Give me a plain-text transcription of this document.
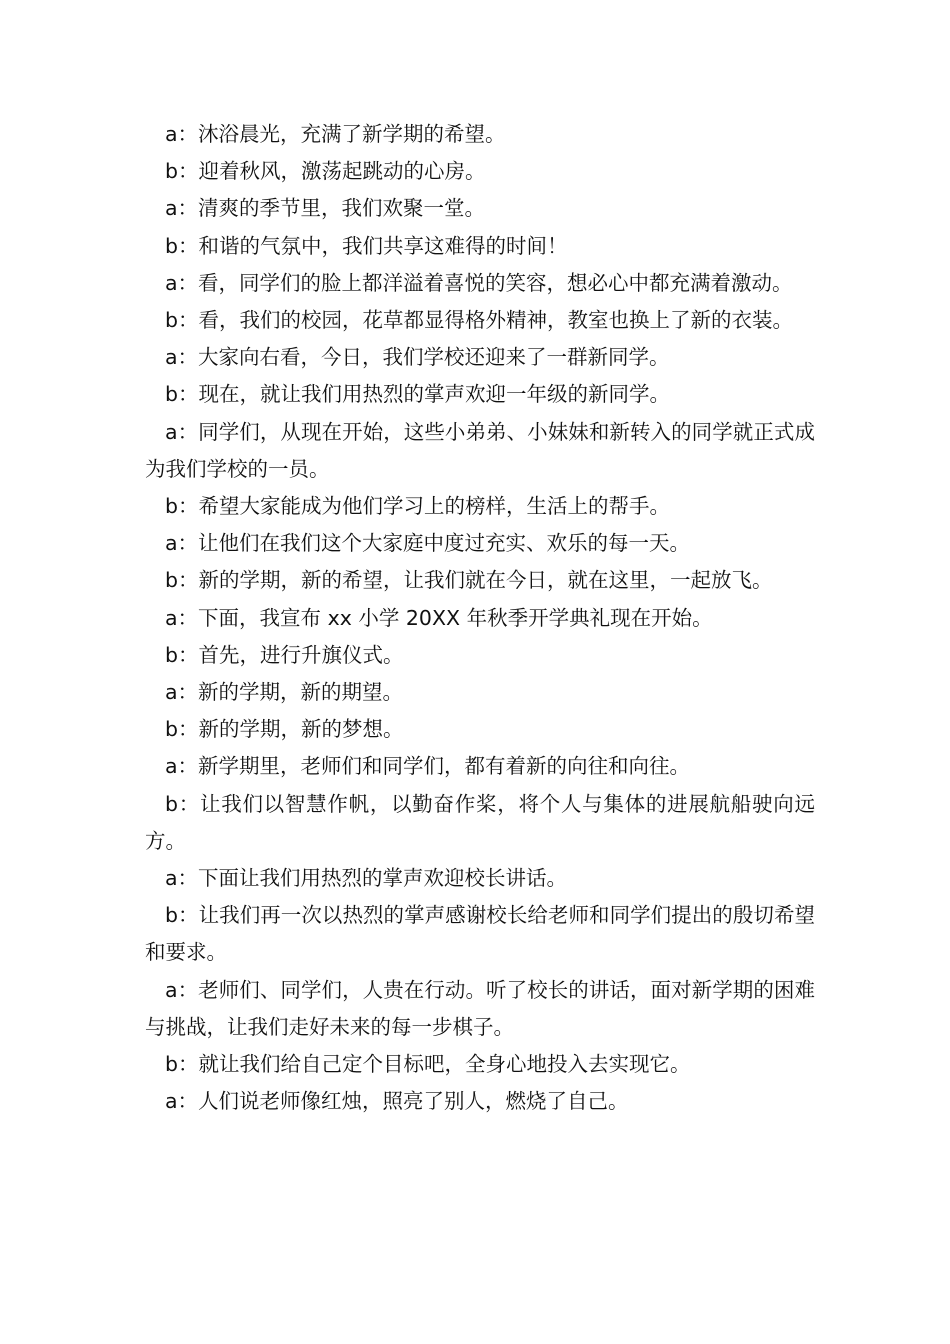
a：沐浴晨光，充满了新学期的希望。

b：迎着秋风，激荡起跳动的心房。

a：清爽的季节里，我们欢聚一堂。

b：和谐的气氛中，我们共享这难得的时间！

a：看，同学们的脸上都洋溢着喜悦的笑容，想必心中都充满着激动。

b：看，我们的校园，花草都显得格外精神，教室也换上了新的衣装。

a：大家向右看，今日，我们学校还迎来了一群新同学。

b：现在，就让我们用热烈的掌声欢迎一年级的新同学。

a：同学们，从现在开始，这些小弟弟、小妹妹和新转入的同学就正式成为我们学校的一员。

b：希望大家能成为他们学习上的榜样，生活上的帮手。

a：让他们在我们这个大家庭中度过充实、欢乐的每一天。

b：新的学期，新的希望，让我们就在今日，就在这里，一起放飞。

a：下面，我宣布 xx 小学 20XX 年秋季开学典礼现在开始。

b：首先，进行升旗仪式。

a：新的学期，新的期望。

b：新的学期，新的梦想。

a：新学期里，老师们和同学们，都有着新的向往和向往。

b：让我们以智慧作帆，以勤奋作桨，将个人与集体的进展航船驶向远方。

a：下面让我们用热烈的掌声欢迎校长讲话。

b：让我们再一次以热烈的掌声感谢校长给老师和同学们提出的殷切希望和要求。

a：老师们、同学们，人贵在行动。听了校长的讲话，面对新学期的困难与挑战，让我们走好未来的每一步棋子。

b：就让我们给自己定个目标吧，全身心地投入去实现它。

a：人们说老师像红烛，照亮了别人，燃烧了自己。
